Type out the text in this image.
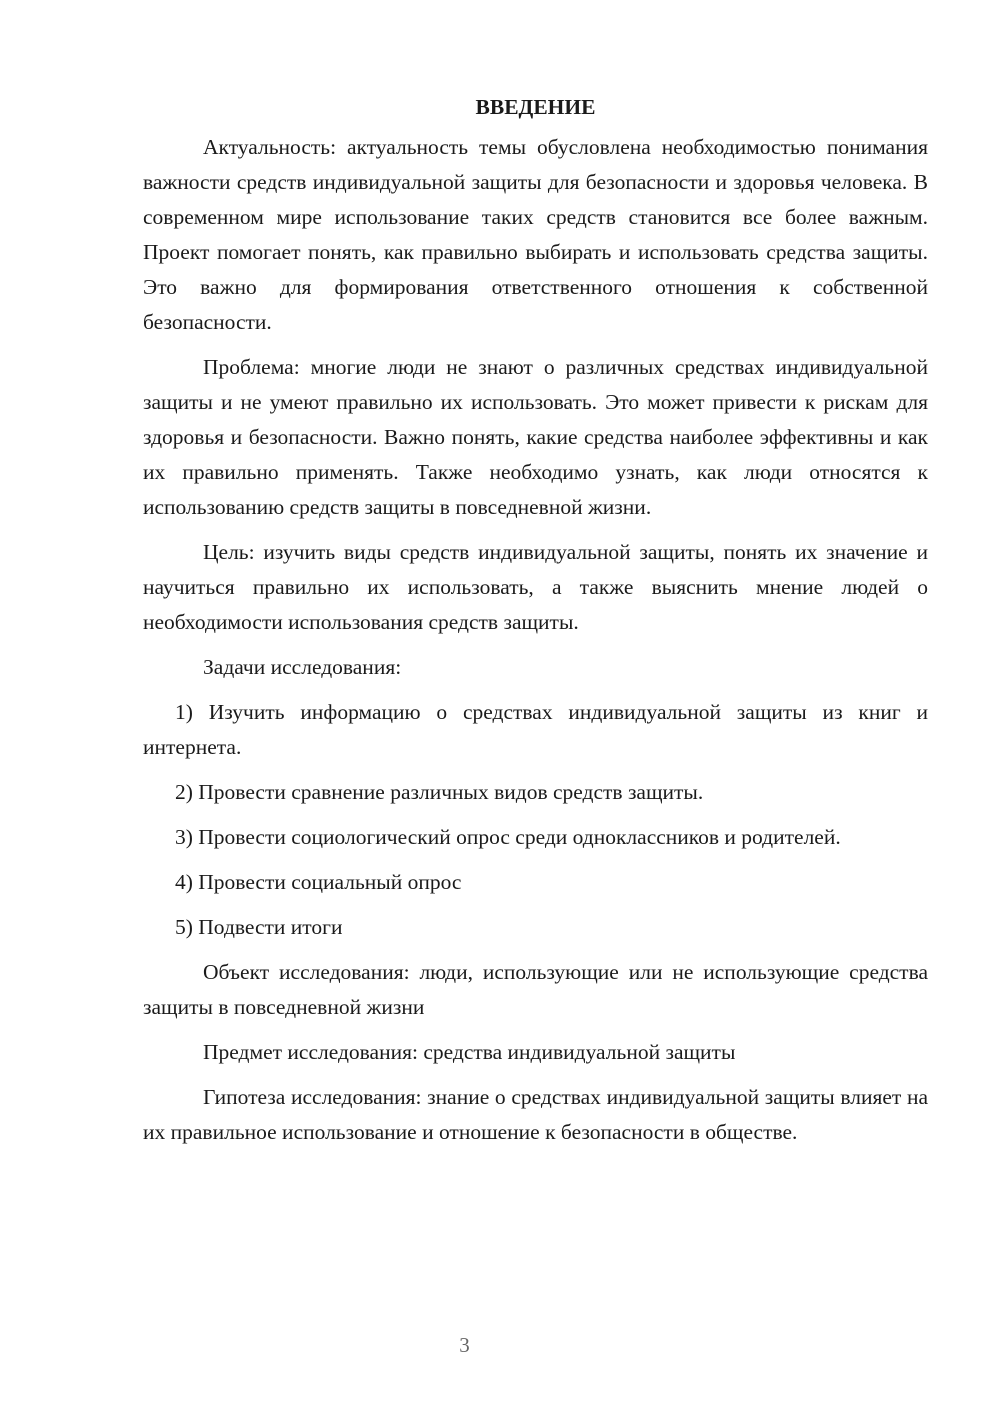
ВВЕДЕНИЕ

Актуальность: актуальность темы обусловлена необходимостью понимания важности средств индивидуальной защиты для безопасности и здоровья человека. В современном мире использование таких средств становится все более важным. Проект помогает понять, как правильно выбирать и использовать средства защиты. Это важно для формирования ответственного отношения к собственной безопасности.

Проблема: многие люди не знают о различных средствах индивидуальной защиты и не умеют правильно их использовать. Это может привести к рискам для здоровья и безопасности. Важно понять, какие средства наиболее эффективны и как их правильно применять. Также необходимо узнать, как люди относятся к использованию средств защиты в повседневной жизни.

Цель: изучить виды средств индивидуальной защиты, понять их значение и научиться правильно их использовать, а также выяснить мнение людей о необходимости использования средств защиты.

Задачи исследования:

1) Изучить информацию о средствах индивидуальной защиты из книг и интернета.

2) Провести сравнение различных видов средств защиты.

3) Провести социологический опрос среди одноклассников и родителей.

4) Провести социальный опрос

5) Подвести итоги

Объект исследования: люди, использующие или не использующие средства защиты в повседневной жизни

Предмет исследования: средства индивидуальной защиты

Гипотеза исследования: знание о средствах индивидуальной защиты влияет на их правильное использование и отношение к безопасности в обществе.

3
